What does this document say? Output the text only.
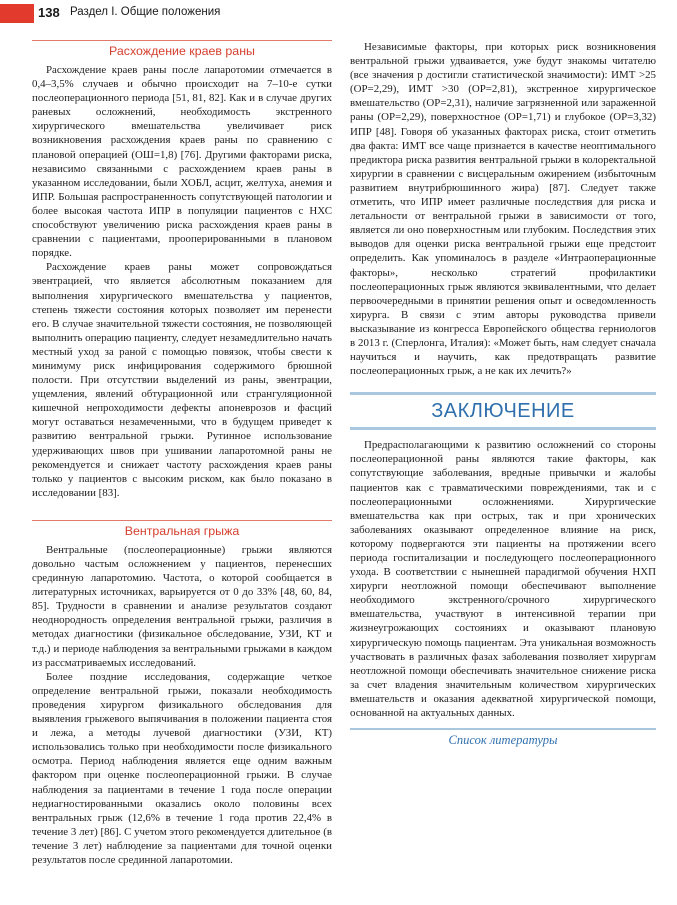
138 Раздел I. Общие положения
Расхождение краев раны

Расхождение краев раны после лапаротомии отмечается в 0,4–3,5% случаев и обычно происходит на 7–10-е сутки послеоперационного периода [51, 81, 82]. Как и в случае других раневых осложнений, необходимость экстренного хирургического вмешательства увеличивает риск возникновения расхождения краев раны по сравнению с плановой операцией (ОШ=1,8) [76]. Другими факторами риска, независимо связанными с расхождением краев раны в указанном исследовании, были ХОБЛ, асцит, желтуха, анемия и ИПР. Большая распространенность сопутствующей патологии и более высокая частота ИПР в популяции пациентов с НХС способствуют увеличению риска расхождения краев раны в сравнении с пациентами, прооперированными в плановом порядке.

Расхождение краев раны может сопровождаться эвентрацией, что является абсолютным показанием для выполнения хирургического вмешательства у пациентов, степень тяжести состояния которых позволяет им перенести его. В случае значительной тяжести состояния, не позволяющей выполнить операцию пациенту, следует незамедлительно начать местный уход за раной с помощью повязок, чтобы свести к минимуму риск инфицирования содержимого брюшной полости. При отсутствии выделений из раны, эвентрации, ущемления, явлений обтурационной или странгуляционной кишечной непроходимости дефекты апоневрозов и фасций могут оставаться незамеченными, что в будущем приведет к развитию вентральной грыжи. Рутинное использование удерживающих швов при ушивании лапаротомной раны не рекомендуется и снижает частоту расхождения краев раны только у пациентов с высоким риском, как было показано в исследовании [83].

Вентральная грыжа

Вентральные (послеоперационные) грыжи являются довольно частым осложнением у пациентов, перенесших срединную лапаротомию. Частота, о которой сообщается в литературных источниках, варьируется от 0 до 33% [48, 60, 84, 85]. Трудности в сравнении и анализе результатов создают неоднородность определения вентральной грыжи, различия в методах диагностики (физикальное обследование, УЗИ, КТ и т.д.) и периоде наблюдения за вентральными грыжами в каждом из рассматриваемых исследований.

Более поздние исследования, содержащие четкое определение вентральной грыжи, показали необходимость проведения хирургом физикального обследования для выявления грыжевого выпячивания в положении пациента стоя и лежа, а методы лучевой диагностики (УЗИ, КТ) использовались только при необходимости после физикального осмотра. Период наблюдения является еще одним важным фактором при оценке послеоперационной грыжи. В случае наблюдения за пациентами в течение 1 года после операции недиагностированными оказались около половины всех вентральных грыж (12,6% в течение 1 года против 22,4% в течение 3 лет) [86]. С учетом этого рекомендуется длительное (в течение 3 лет) наблюдение за пациентами для точной оценки результатов после срединной лапаротомии.

Независимые факторы, при которых риск возникновения вентральной грыжи удваивается, уже будут знакомы читателю (все значения p достигли статистической значимости): ИМТ >25 (ОР=2,29), ИМТ >30 (ОР=2,81), экстренное хирургическое вмешательство (ОР=2,31), наличие загрязненной или зараженной раны (ОР=2,29), поверхностное (ОР=1,71) и глубокое (ОР=3,32) ИПР [48]. Говоря об указанных факторах риска, стоит отметить два факта: ИМТ все чаще признается в качестве неоптимального предиктора риска развития вентральной грыжи в колоректальной хирургии в сравнении с висцеральным ожирением (избыточным развитием внутрибрюшинного жира) [87]. Следует также отметить, что ИПР имеет различные последствия для риска и летальности от вентральной грыжи в зависимости от того, является ли оно поверхностным или глубоким. Последствия этих выводов для оценки риска вентральной грыжи еще предстоит определить. Как упоминалось в разделе «Интраоперационные факторы», несколько стратегий профилактики послеоперационных грыж являются эквивалентными, что делает первоочередными в принятии решения опыт и осведомленность хирурга. В связи с этим авторы руководства привели высказывание из конгресса Европейского общества герниологов в 2013 г. (Сперлонга, Италия): «Может быть, нам следует сначала научиться и научить, как предотвращать развитие послеоперационных грыж, а не как их лечить?»

ЗАКЛЮЧЕНИЕ

Предрасполагающими к развитию осложнений со стороны послеоперационной раны являются такие факторы, как сопутствующие заболевания, вредные привычки и жалобы пациентов как с травматическими повреждениями, так и с послеоперационными осложнениями. Хирургические вмешательства как при острых, так и при хронических заболеваниях оказывают определенное влияние на риск, которому подвергаются эти пациенты на протяжении всего периода госпитализации и последующего послеоперационного ухода. В соответствии с нынешней парадигмой обучения НХП хирурги неотложной помощи обеспечивают выполнение необходимого экстренного/срочного хирургического вмешательства, участвуют в интенсивной терапии при жизнеугрожающих состояниях и оказывают плановую хирургическую помощь пациентам. Эта уникальная возможность участвовать в различных фазах заболевания позволяет хирургам неотложной помощи обеспечивать значительное снижение риска за счет владения значительным количеством хирургических вмешательств и оказания адекватной хирургической помощи, основанной на актуальных данных.

Список литературы
